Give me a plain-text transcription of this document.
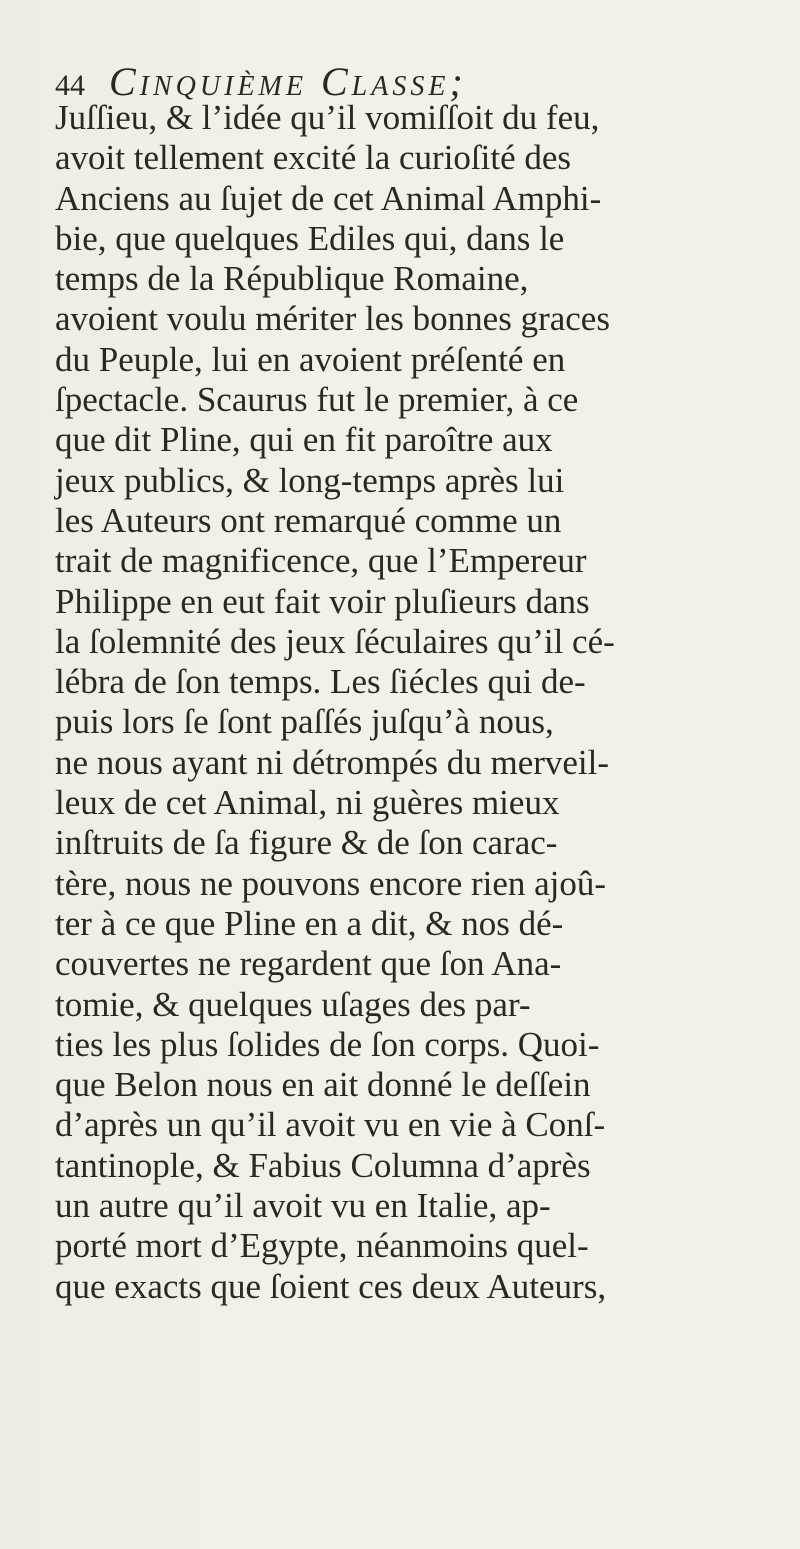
44 Cinquième Classe;
Juſſieu, & l’idée qu’il vomiſſoit du feu,
avoit tellement excité la curioſité des
Anciens au ſujet de cet Animal Amphi-
bie, que quelques Ediles qui, dans le
temps de la République Romaine,
avoient voulu mériter les bonnes graces
du Peuple, lui en avoient préſenté en
ſpectacle. Scaurus fut le premier, à ce
que dit Pline, qui en fit paroître aux
jeux publics, & long-temps après lui
les Auteurs ont remarqué comme un
trait de magnificence, que l’Empereur
Philippe en eut fait voir pluſieurs dans
la ſolemnité des jeux ſéculaires qu’il cé-
lébra de ſon temps. Les ſiécles qui de-
puis lors ſe ſont paſſés juſqu’à nous,
ne nous ayant ni détrompés du merveil-
leux de cet Animal, ni guères mieux
inſtruits de ſa figure & de ſon carac-
tère, nous ne pouvons encore rien ajoû-
ter à ce que Pline en a dit, & nos dé-
couvertes ne regardent que ſon Ana-
tomie, & quelques uſages des par-
ties les plus ſolides de ſon corps. Quoi-
que Belon nous en ait donné le deſſein
d’après un qu’il avoit vu en vie à Conſ-
tantinople, & Fabius Columna d’après
un autre qu’il avoit vu en Italie, ap-
porté mort d’Egypte, néanmoins quel-
que exacts que ſoient ces deux Auteurs,
